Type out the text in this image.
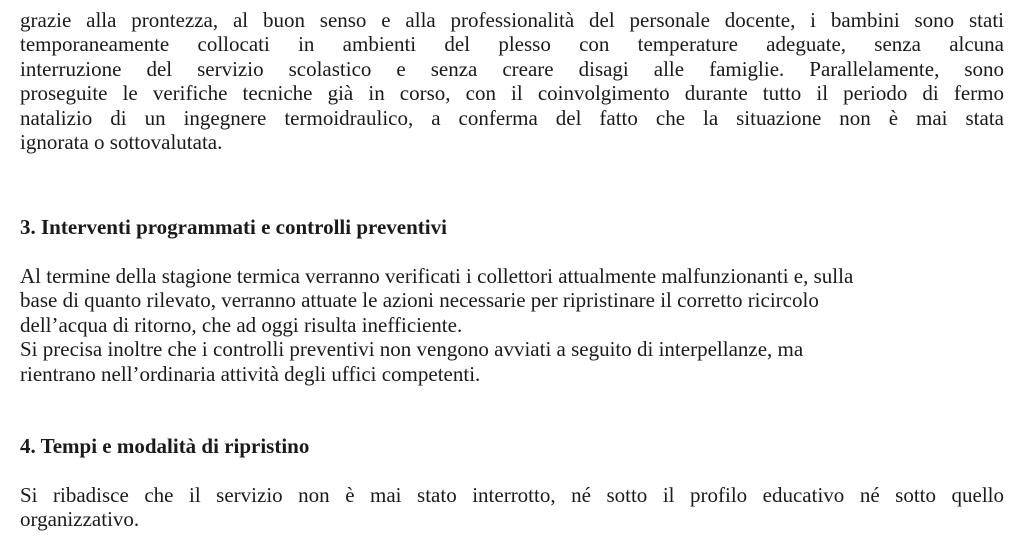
grazie alla prontezza, al buon senso e alla professionalità del personale docente, i bambini sono stati
temporaneamente collocati in ambienti del plesso con temperature adeguate, senza alcuna
interruzione del servizio scolastico e senza creare disagi alle famiglie. Parallelamente, sono
proseguite le verifiche tecniche già in corso, con il coinvolgimento durante tutto il periodo di fermo
natalizio di un ingegnere termoidraulico, a conferma del fatto che la situazione non è mai stata
ignorata o sottovalutata.
3. Interventi programmati e controlli preventivi
Al termine della stagione termica verranno verificati i collettori attualmente malfunzionanti e, sulla
base di quanto rilevato, verranno attuate le azioni necessarie per ripristinare il corretto ricircolo
dell’acqua di ritorno, che ad oggi risulta inefficiente.
Si precisa inoltre che i controlli preventivi non vengono avviati a seguito di interpellanze, ma
rientrano nell’ordinaria attività degli uffici competenti.
4. Tempi e modalità di ripristino
Si ribadisce che il servizio non è mai stato interrotto, né sotto il profilo educativo né sotto quello
organizzativo.
